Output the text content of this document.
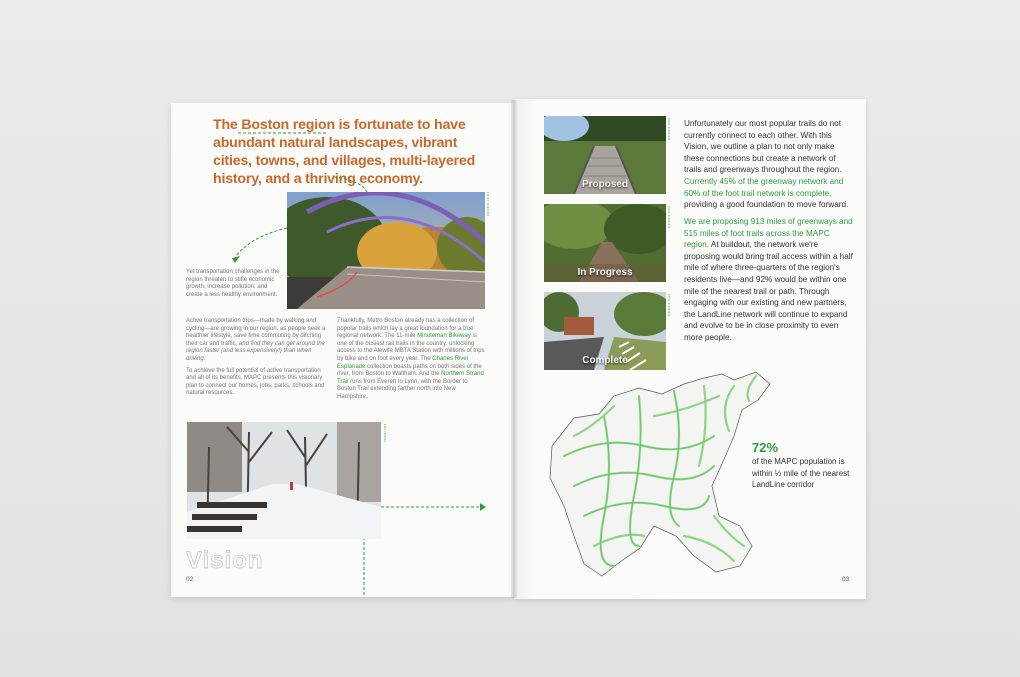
The Boston region is fortunate to have abundant natural landscapes, vibrant cities, towns, and villages, multi-layered history, and a thriving economy.
•••••• •••••••••

Yet transportation challenges in the region threaten to stifle economic growth, increase pollution, and create a less healthy environment.

Active transportation trips—made by walking and cycling—are growing in our region, as people seek a healthier lifestyle, save time commuting by ditching their car and traffic, and find they can get around the region faster (and less expensively!) than when driving.

To achieve the full potential of active transportation and all of its benefits, MAPC presents this visionary plan to connect our homes, jobs, parks, schools and natural resources.

Thankfully, Metro Boston already has a collection of popular trails which lay a great foundation for a true regional network. The 11-mile Minuteman Bikeway is one of the busiest rail trails in the country, unlocking access to the Alewife MBTA Station with millions of trips by bike and on foot every year. The Charles River Esplanade collection boasts paths on both sides of the river, from Boston to Waltham. And the Northern Strand Trail runs from Everett to Lynn, with the Border to Boston Trail extending farther north into New Hampshire.

•••• •••••••
Vision

02

Proposed
••••• •••••••••
In Progress
••••• •••••••••
Complete
••••• •••••••••

Unfortunately our most popular trails do not currently connect to each other. With this Vision, we outline a plan to not only make these connections but create a network of trails and greenways throughout the region. Currently 45% of the greenway network and 60% of the foot trail network is complete, providing a good foundation to move forward.

We are proposing 913 miles of greenways and 515 miles of foot trails across the MAPC region. At buildout, the network we're proposing would bring trail access within a half mile of where three-quarters of the region's residents live—and 92% would be within one mile of the nearest trail or path. Through engaging with our existing and new partners, the LandLine network will continue to expand and evolve to be in close proximity to even more people.

72%

of the MAPC population is within ½ mile of the nearest LandLine corridor

03
